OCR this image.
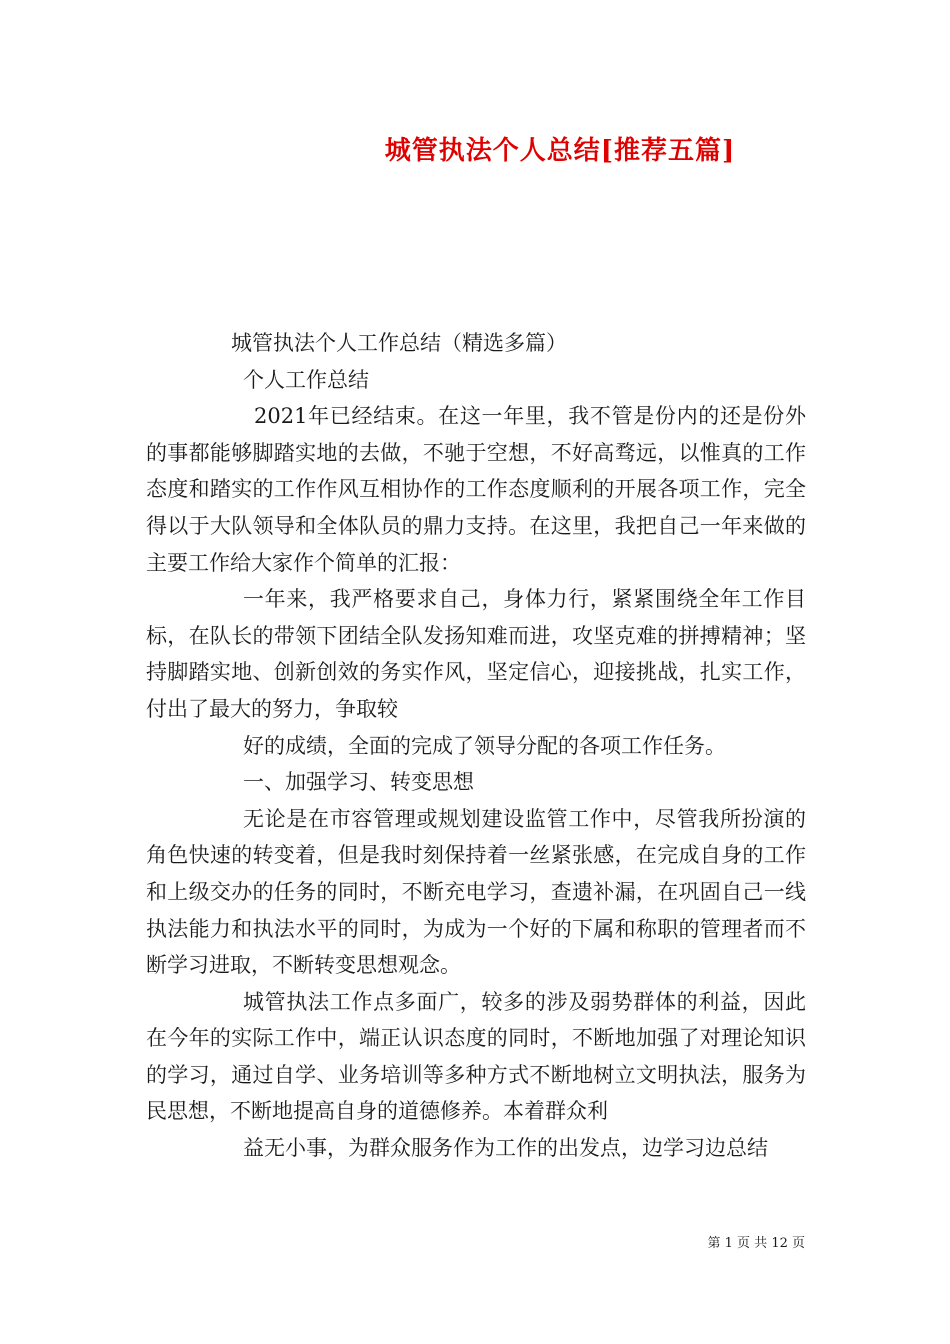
城管执法个人总结[推荐五篇]

城管执法个人工作总结（精选多篇）

个人工作总结

2021年已经结束。在这一年里，我不管是份内的还是份外的事都能够脚踏实地的去做，不驰于空想，不好高骛远，以惟真的工作态度和踏实的工作作风互相协作的工作态度顺利的开展各项工作，完全得以于大队领导和全体队员的鼎力支持。在这里，我把自己一年来做的主要工作给大家作个简单的汇报：

一年来，我严格要求自己，身体力行，紧紧围绕全年工作目标，在队长的带领下团结全队发扬知难而进，攻坚克难的拼搏精神；坚持脚踏实地、创新创效的务实作风，坚定信心，迎接挑战，扎实工作，付出了最大的努力，争取较

好的成绩，全面的完成了领导分配的各项工作任务。

一、加强学习、转变思想

无论是在市容管理或规划建设监管工作中，尽管我所扮演的角色快速的转变着，但是我时刻保持着一丝紧张感，在完成自身的工作和上级交办的任务的同时，不断充电学习，查遗补漏，在巩固自己一线执法能力和执法水平的同时，为成为一个好的下属和称职的管理者而不断学习进取，不断转变思想观念。

城管执法工作点多面广，较多的涉及弱势群体的利益，因此在今年的实际工作中，端正认识态度的同时，不断地加强了对理论知识的学习，通过自学、业务培训等多种方式不断地树立文明执法，服务为民思想，不断地提高自身的道德修养。本着群众利

益无小事，为群众服务作为工作的出发点，边学习边总结

第 1 页 共 12 页
